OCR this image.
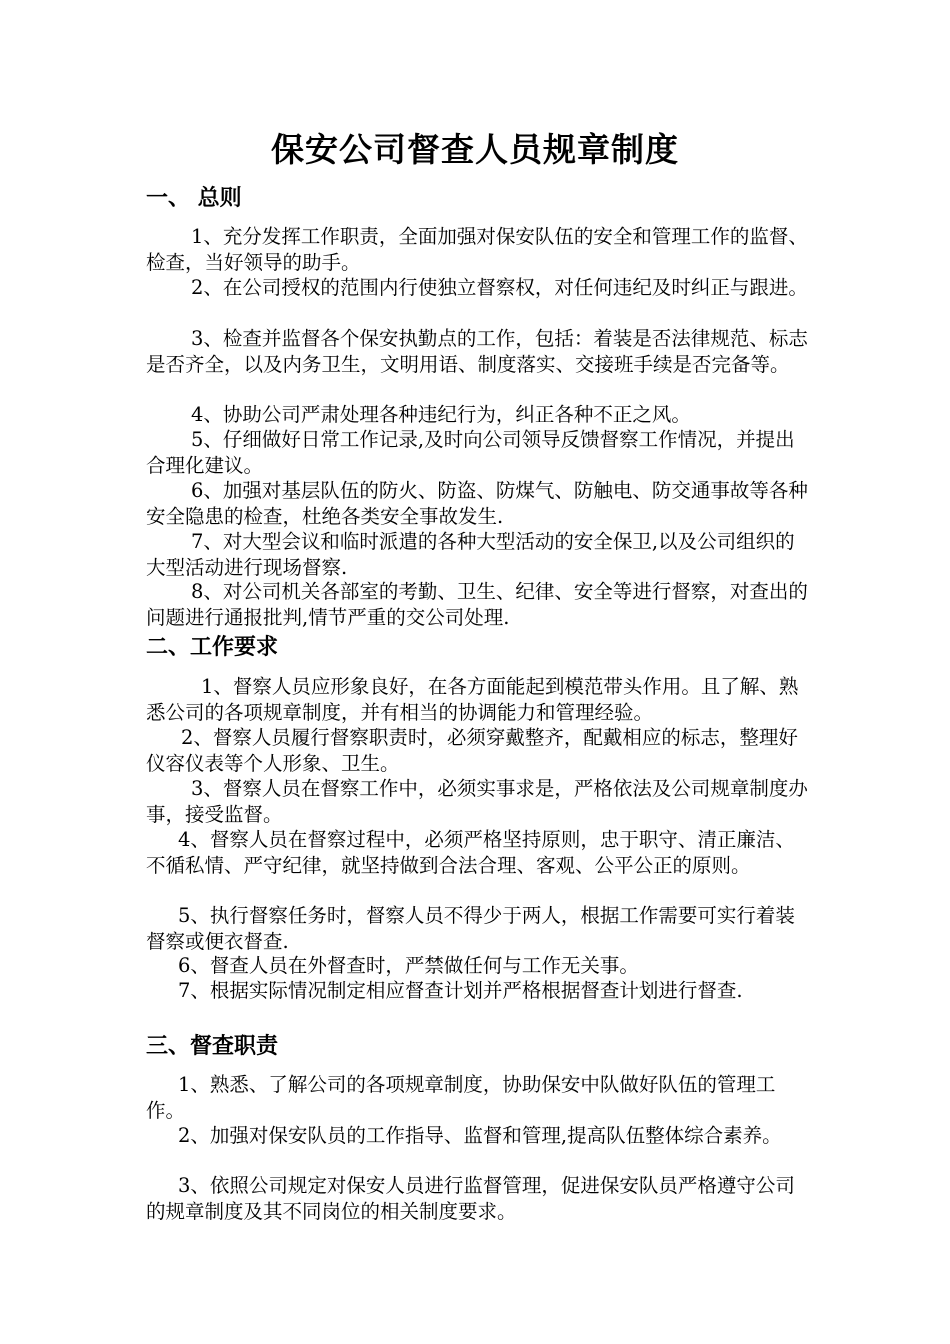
保安公司督查人员规章制度
一、 总则

1、充分发挥工作职责，全面加强对保安队伍的安全和管理工作的监督、检查，当好领导的助手。

2、在公司授权的范围内行使独立督察权，对任何违纪及时纠正与跟进。

3、检查并监督各个保安执勤点的工作，包括：着装是否法律规范、标志是否齐全，以及内务卫生，文明用语、制度落实、交接班手续是否完备等。

4、协助公司严肃处理各种违纪行为，纠正各种不正之风。

5、仔细做好日常工作记录,及时向公司领导反馈督察工作情况，并提出合理化建议。

6、加强对基层队伍的防火、防盗、防煤气、防触电、防交通事故等各种安全隐患的检查，杜绝各类安全事故发生.

7、对大型会议和临时派遣的各种大型活动的安全保卫,以及公司组织的大型活动进行现场督察.

8、对公司机关各部室的考勤、卫生、纪律、安全等进行督察，对查出的问题进行通报批判,情节严重的交公司处理.

二、工作要求

1、督察人员应形象良好，在各方面能起到模范带头作用。且了解、熟悉公司的各项规章制度，并有相当的协调能力和管理经验。

2、督察人员履行督察职责时，必须穿戴整齐，配戴相应的标志，整理好仪容仪表等个人形象、卫生。

3、督察人员在督察工作中，必须实事求是，严格依法及公司规章制度办事，接受监督。

4、督察人员在督察过程中，必须严格坚持原则，忠于职守、清正廉洁、不循私情、严守纪律，就坚持做到合法合理、客观、公平公正的原则。

5、执行督察任务时，督察人员不得少于两人，根据工作需要可实行着装督察或便衣督查.

6、督查人员在外督查时，严禁做任何与工作无关事。

7、根据实际情况制定相应督查计划并严格根据督查计划进行督查.

三、督查职责

1、熟悉、了解公司的各项规章制度，协助保安中队做好队伍的管理工作。

2、加强对保安队员的工作指导、监督和管理,提高队伍整体综合素养。

3、依照公司规定对保安人员进行监督管理，促进保安队员严格遵守公司的规章制度及其不同岗位的相关制度要求。
